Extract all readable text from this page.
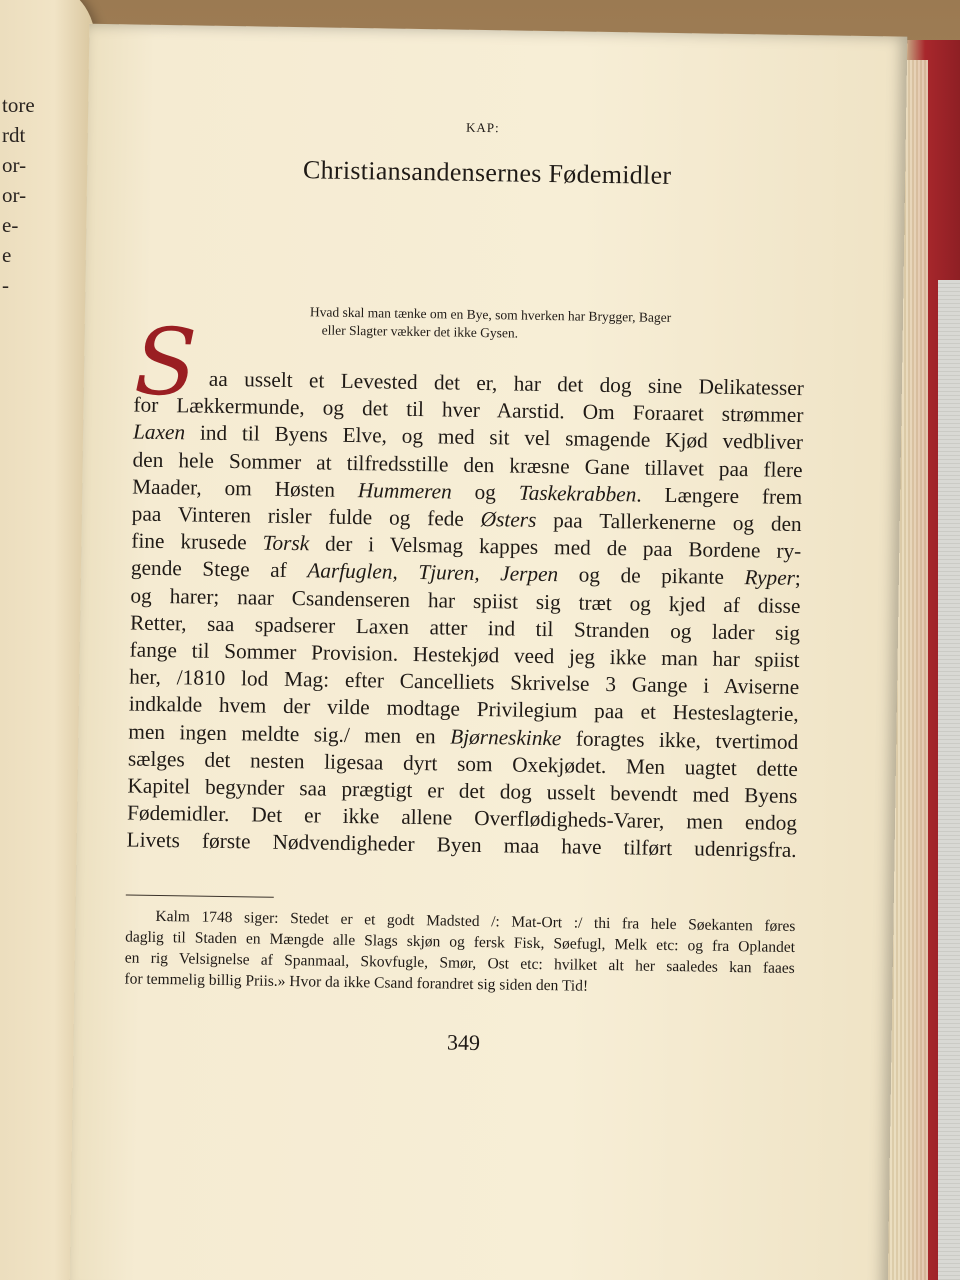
tore
rdt
or-
or-
e-
e
-
KAP:
Christiansandensernes Fødemidler
Hvad skal man tænke om en Bye, som hverken har Brygger, Bager
eller Slagter vækker det ikke Gysen.
S aa usselt et Levested det er, har det dog sine Delikatesser
for Lækkermunde, og det til hver Aarstid. Om Foraaret strømmer
Laxen ind til Byens Elve, og med sit vel smagende Kjød vedbliver
den hele Sommer at tilfredsstille den kræsne Gane tillavet paa flere
Maader, om Høsten Hummeren og Taskekrabben. Længere frem
paa Vinteren risler fulde og fede Østers paa Tallerkenerne og den
fine krusede Torsk der i Velsmag kappes med de paa Bordene ry-
gende Stege af Aarfuglen, Tjuren, Jerpen og de pikante Ryper;
og harer; naar Csandenseren har spiist sig træt og kjed af disse
Retter, saa spadserer Laxen atter ind til Stranden og lader sig
fange til Sommer Provision. Hestekjød veed jeg ikke man har spiist
her, /1810 lod Mag: efter Cancelliets Skrivelse 3 Gange i Aviserne
indkalde hvem der vilde modtage Privilegium paa et Hesteslagterie,
men ingen meldte sig./ men en Bjørneskinke foragtes ikke, tvertimod
sælges det nesten ligesaa dyrt som Oxekjødet. Men uagtet dette
Kapitel begynder saa prægtigt er det dog usselt bevendt med Byens
Fødemidler. Det er ikke allene Overflødigheds-Varer, men endog
Livets første Nødvendigheder Byen maa have tilført udenrigsfra.
Kalm 1748 siger: Stedet er et godt Madsted /: Mat-Ort :/ thi fra hele Søekanten føres
daglig til Staden en Mængde alle Slags skjøn og fersk Fisk, Søefugl, Melk etc: og fra Oplandet
en rig Velsignelse af Spanmaal, Skovfugle, Smør, Ost etc: hvilket alt her saaledes kan faaes
for temmelig billig Priis.» Hvor da ikke Csand forandret sig siden den Tid!
349
